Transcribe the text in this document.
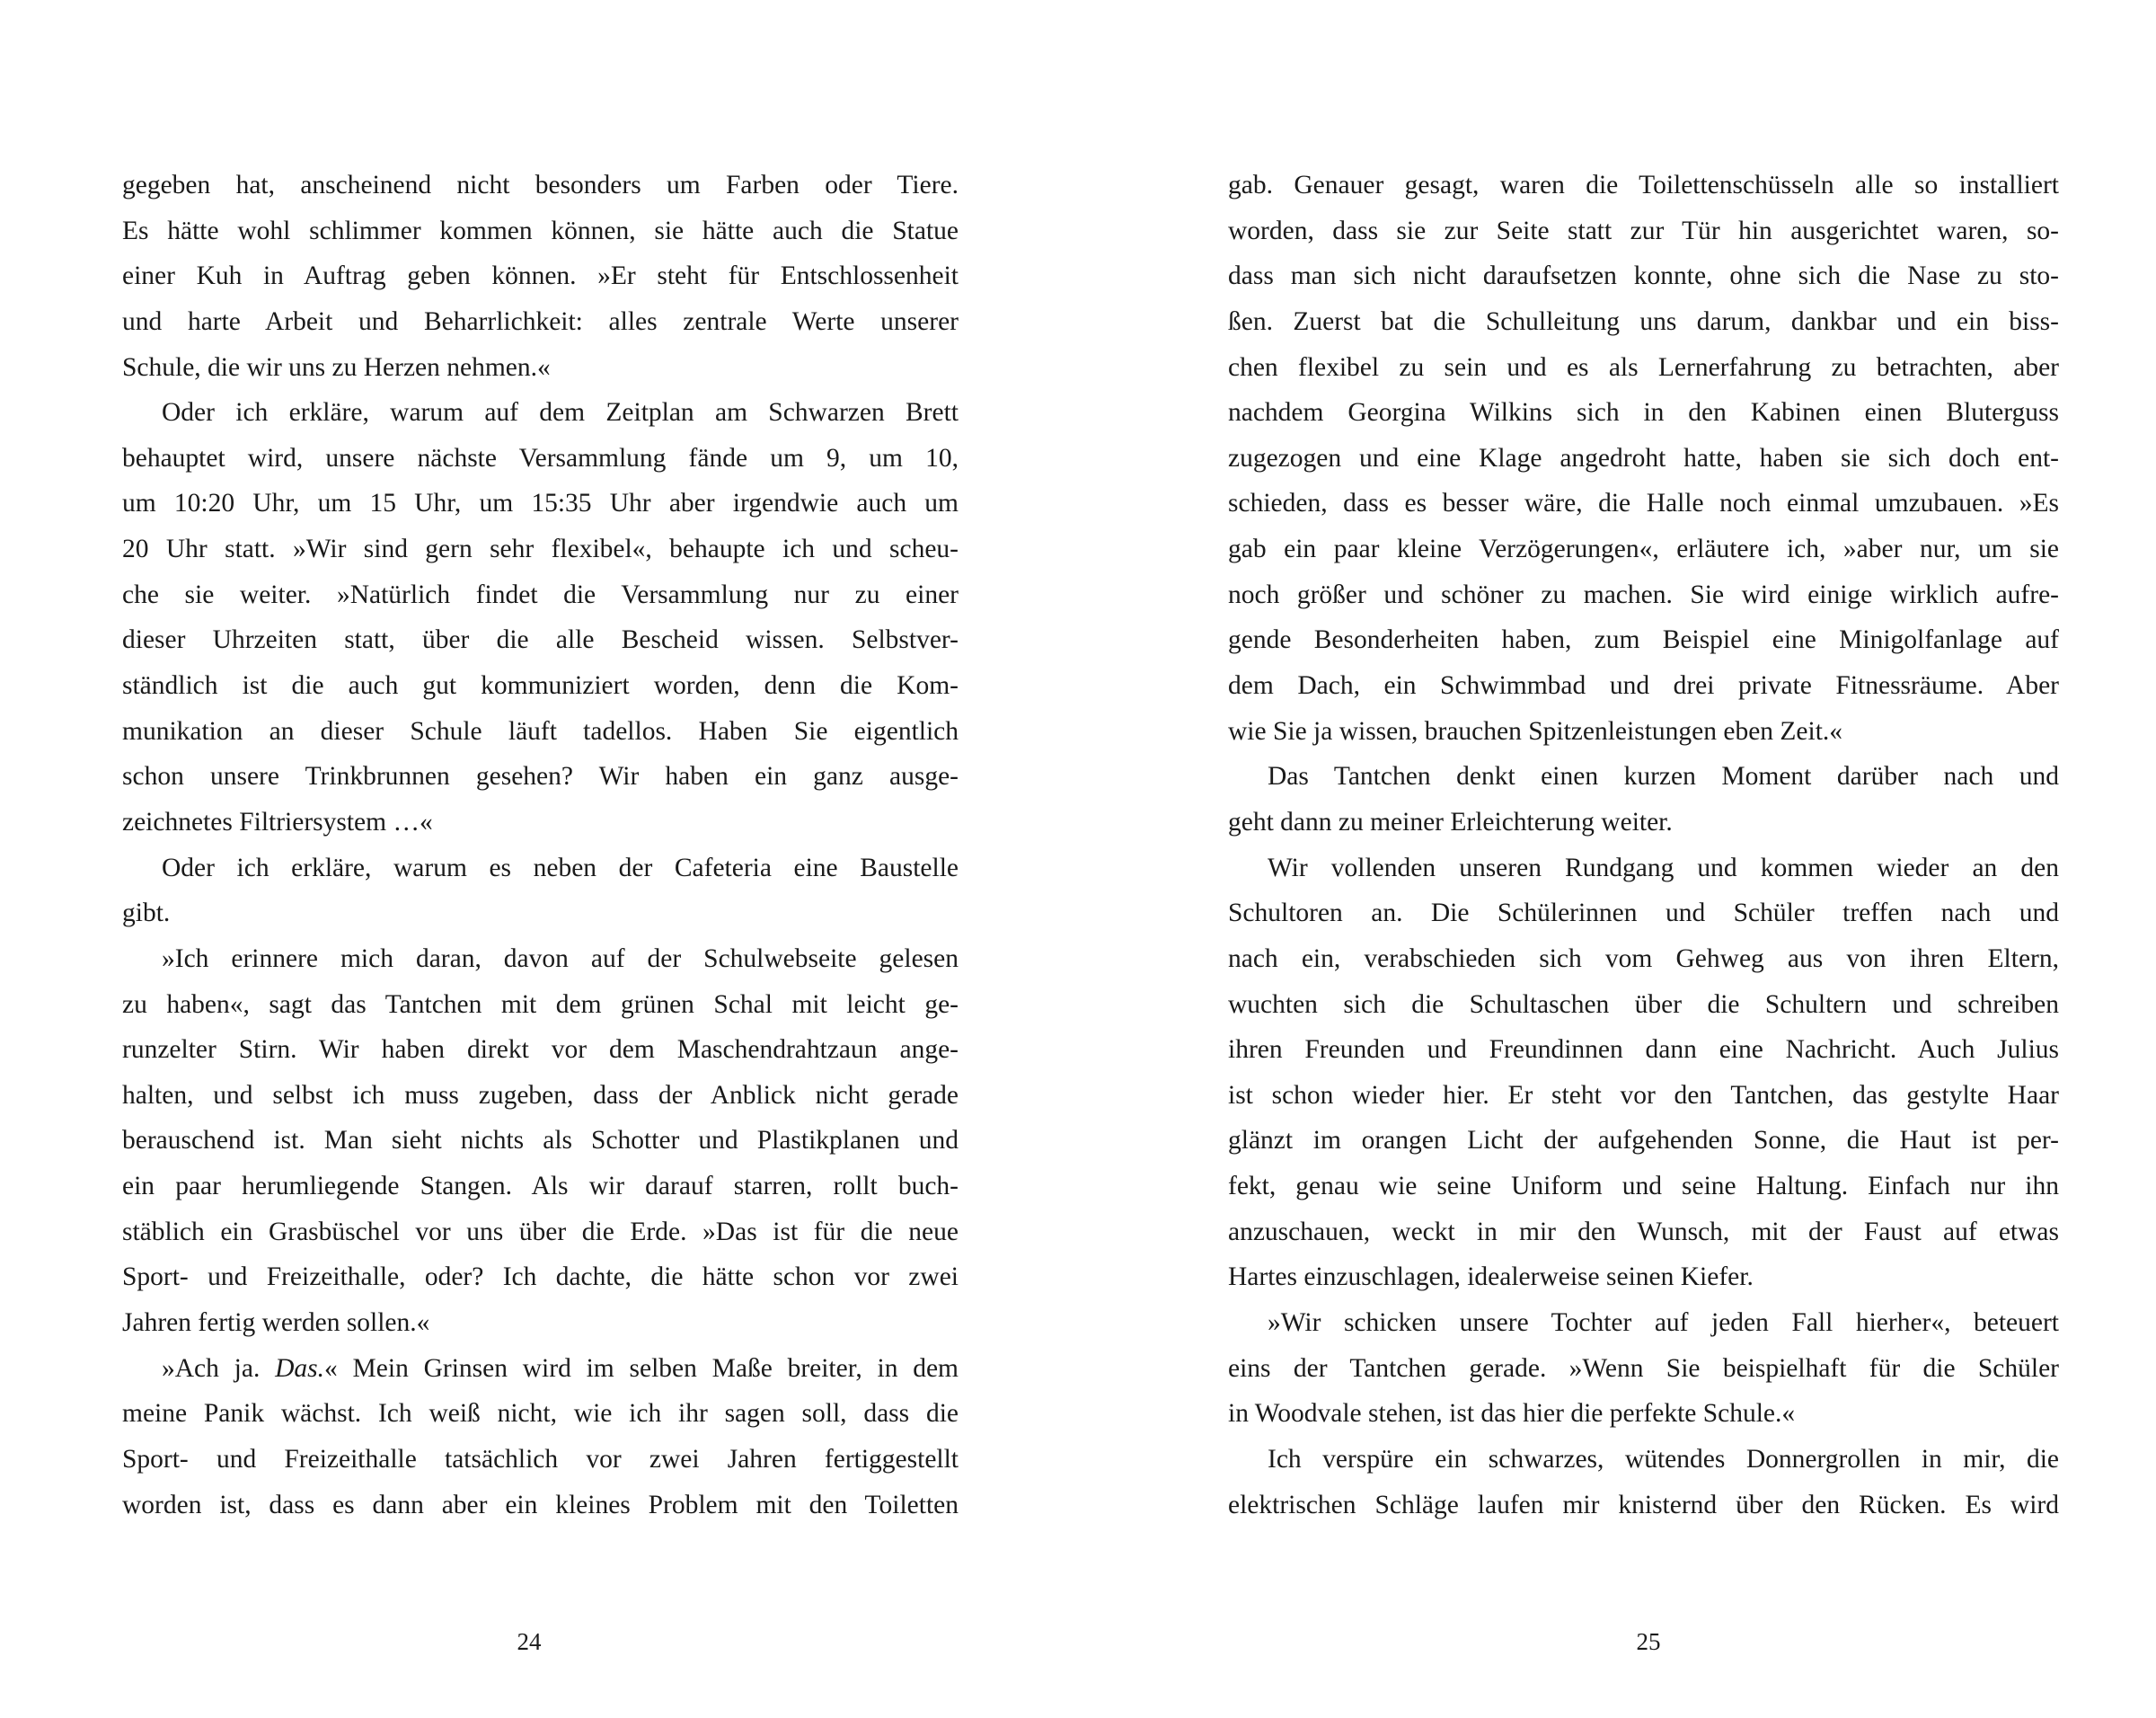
gegeben hat, anscheinend nicht besonders um Farben oder Tiere.
Es hätte wohl schlimmer kommen können, sie hätte auch die Statue
einer Kuh in Auftrag geben können. »Er steht für Entschlossenheit
und harte Arbeit und Beharrlichkeit: alles zentrale Werte unserer
Schule, die wir uns zu Herzen nehmen.«
Oder ich erkläre, warum auf dem Zeitplan am Schwarzen Brett
behauptet wird, unsere nächste Versammlung fände um 9, um 10,
um 10:20 Uhr, um 15 Uhr, um 15:35 Uhr aber irgendwie auch um
20 Uhr statt. »Wir sind gern sehr flexibel«, behaupte ich und scheu-
che sie weiter. »Natürlich findet die Versammlung nur zu einer
dieser Uhrzeiten statt, über die alle Bescheid wissen. Selbstver-
ständlich ist die auch gut kommuniziert worden, denn die Kom-
munikation an dieser Schule läuft tadellos. Haben Sie eigentlich
schon unsere Trinkbrunnen gesehen? Wir haben ein ganz ausge-
zeichnetes Filtriersystem …«
Oder ich erkläre, warum es neben der Cafeteria eine Baustelle
gibt.
»Ich erinnere mich daran, davon auf der Schulwebseite gelesen
zu haben«, sagt das Tantchen mit dem grünen Schal mit leicht ge-
runzelter Stirn. Wir haben direkt vor dem Maschendrahtzaun ange-
halten, und selbst ich muss zugeben, dass der Anblick nicht gerade
berauschend ist. Man sieht nichts als Schotter und Plastikplanen und
ein paar herumliegende Stangen. Als wir darauf starren, rollt buch-
stäblich ein Grasbüschel vor uns über die Erde. »Das ist für die neue
Sport- und Freizeithalle, oder? Ich dachte, die hätte schon vor zwei
Jahren fertig werden sollen.«
»Ach ja. Das.« Mein Grinsen wird im selben Maße breiter, in dem
meine Panik wächst. Ich weiß nicht, wie ich ihr sagen soll, dass die
Sport- und Freizeithalle tatsächlich vor zwei Jahren fertiggestellt
worden ist, dass es dann aber ein kleines Problem mit den Toiletten
gab. Genauer gesagt, waren die Toilettenschüsseln alle so installiert
worden, dass sie zur Seite statt zur Tür hin ausgerichtet waren, so-
dass man sich nicht daraufsetzen konnte, ohne sich die Nase zu sto-
ßen. Zuerst bat die Schulleitung uns darum, dankbar und ein biss-
chen flexibel zu sein und es als Lernerfahrung zu betrachten, aber
nachdem Georgina Wilkins sich in den Kabinen einen Bluterguss
zugezogen und eine Klage angedroht hatte, haben sie sich doch ent-
schieden, dass es besser wäre, die Halle noch einmal umzubauen. »Es
gab ein paar kleine Verzögerungen«, erläutere ich, »aber nur, um sie
noch größer und schöner zu machen. Sie wird einige wirklich aufre-
gende Besonderheiten haben, zum Beispiel eine Minigolfanlage auf
dem Dach, ein Schwimmbad und drei private Fitnessräume. Aber
wie Sie ja wissen, brauchen Spitzenleistungen eben Zeit.«
Das Tantchen denkt einen kurzen Moment darüber nach und
geht dann zu meiner Erleichterung weiter.
Wir vollenden unseren Rundgang und kommen wieder an den
Schultoren an. Die Schülerinnen und Schüler treffen nach und
nach ein, verabschieden sich vom Gehweg aus von ihren Eltern,
wuchten sich die Schultaschen über die Schultern und schreiben
ihren Freunden und Freundinnen dann eine Nachricht. Auch Julius
ist schon wieder hier. Er steht vor den Tantchen, das gestylte Haar
glänzt im orangen Licht der aufgehenden Sonne, die Haut ist per-
fekt, genau wie seine Uniform und seine Haltung. Einfach nur ihn
anzuschauen, weckt in mir den Wunsch, mit der Faust auf etwas
Hartes einzuschlagen, idealerweise seinen Kiefer.
»Wir schicken unsere Tochter auf jeden Fall hierher«, beteuert
eins der Tantchen gerade. »Wenn Sie beispielhaft für die Schüler
in Woodvale stehen, ist das hier die perfekte Schule.«
Ich verspüre ein schwarzes, wütendes Donnergrollen in mir, die
elektrischen Schläge laufen mir knisternd über den Rücken. Es wird
24	25
